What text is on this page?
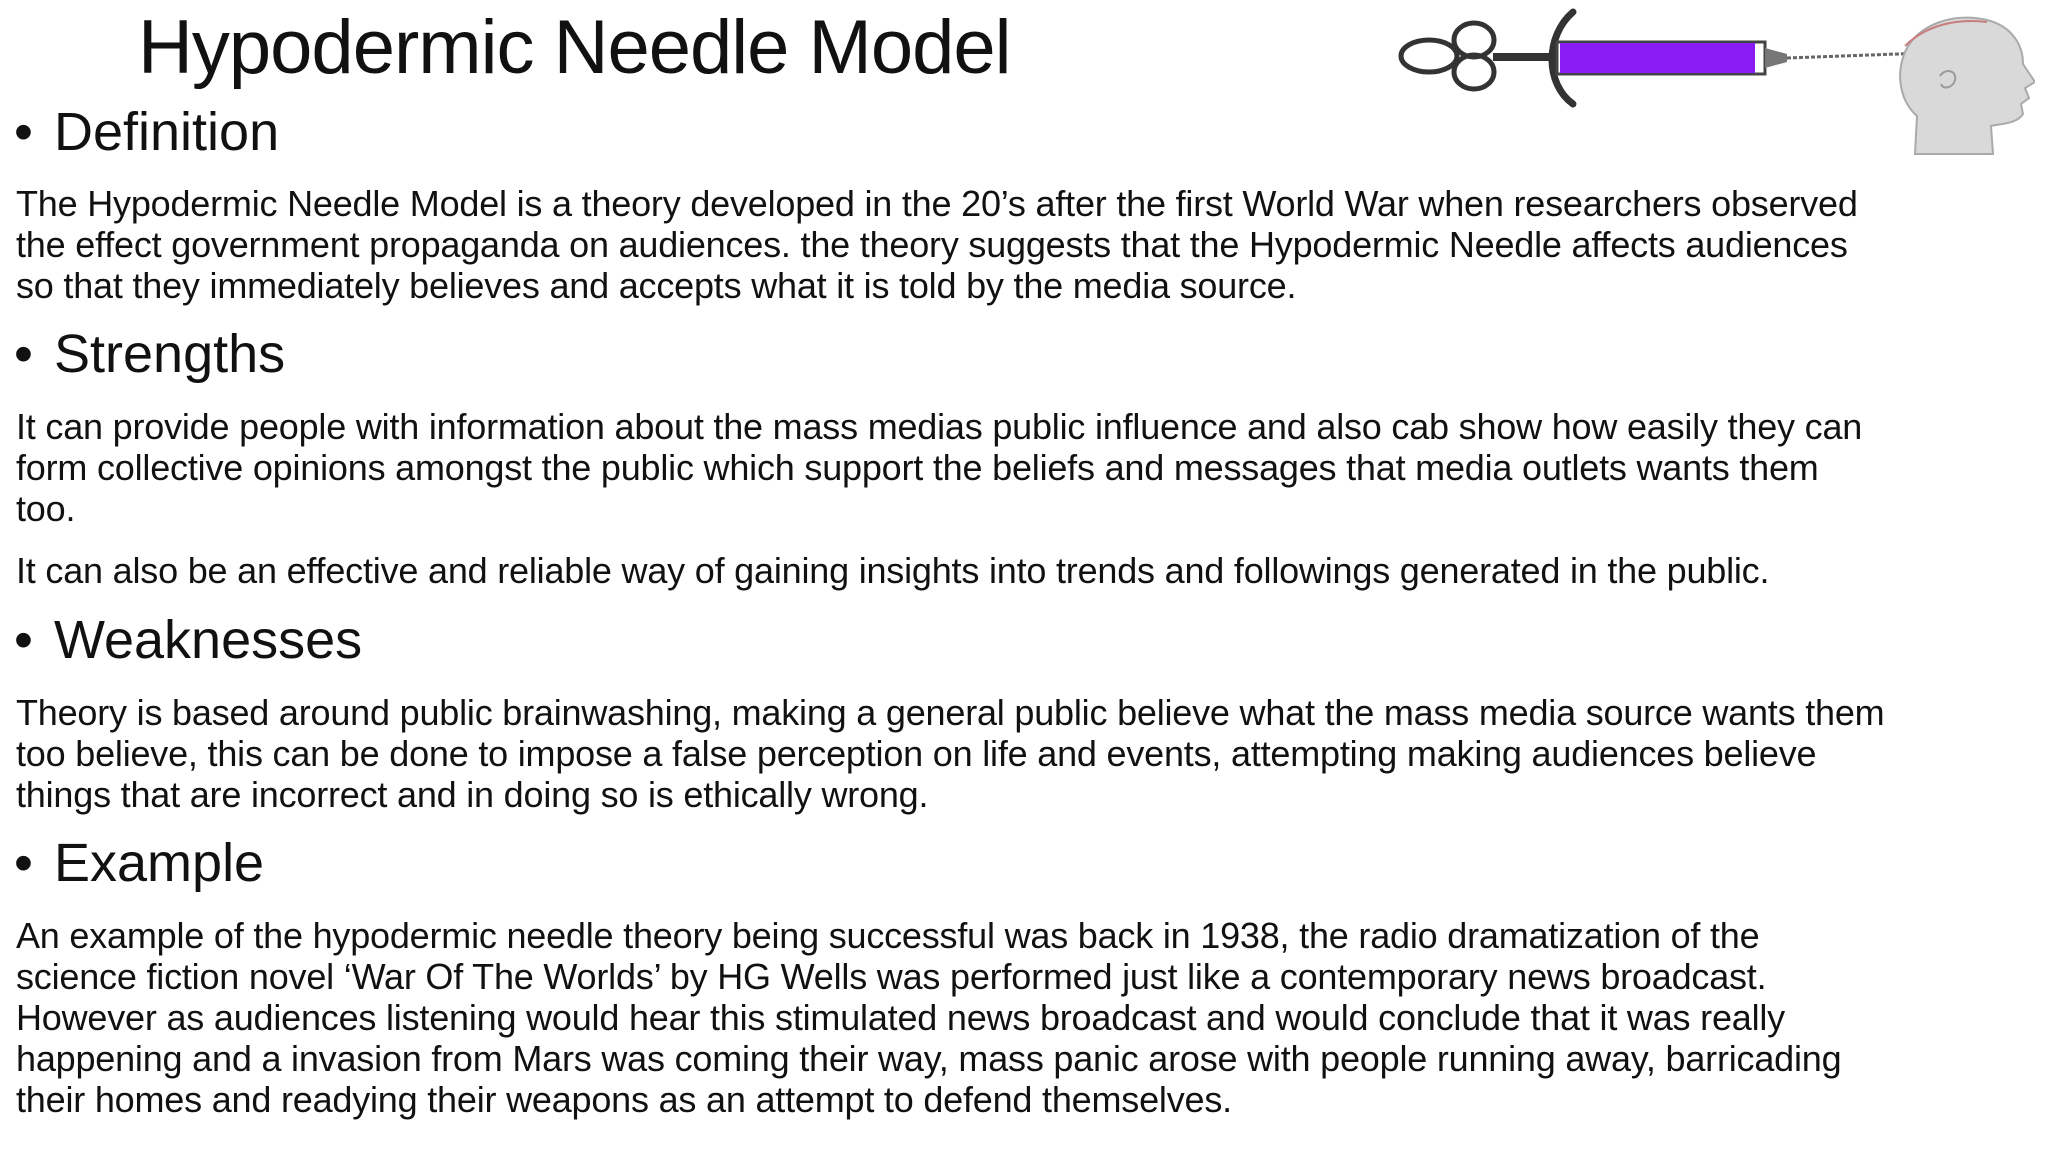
Hypodermic Needle Model
• Definition

The Hypodermic Needle Model is a theory developed in the 20’s after the first World War when researchers observed
the effect government propaganda on audiences. the theory suggests that the Hypodermic Needle affects audiences
so that they immediately believes and accepts what it is told by the media source.

• Strengths

It can provide people with information about the mass medias public influence and also cab show how easily they can
form collective opinions amongst the public which support the beliefs and messages that media outlets wants them
too.

It can also be an effective and reliable way of gaining insights into trends and followings generated in the public.

• Weaknesses

Theory is based around public brainwashing, making a general public believe what the mass media source wants them
too believe, this can be done to impose a false perception on life and events, attempting making audiences believe
things that are incorrect and in doing so is ethically wrong.

• Example

An example of the hypodermic needle theory being successful was back in 1938, the radio dramatization of the
science fiction novel ‘War Of The Worlds’ by HG Wells was performed just like a contemporary news broadcast.
However as audiences listening would hear this stimulated news broadcast and would conclude that it was really
happening and a invasion from Mars was coming their way, mass panic arose with people running away, barricading
their homes and readying their weapons as an attempt to defend themselves.
